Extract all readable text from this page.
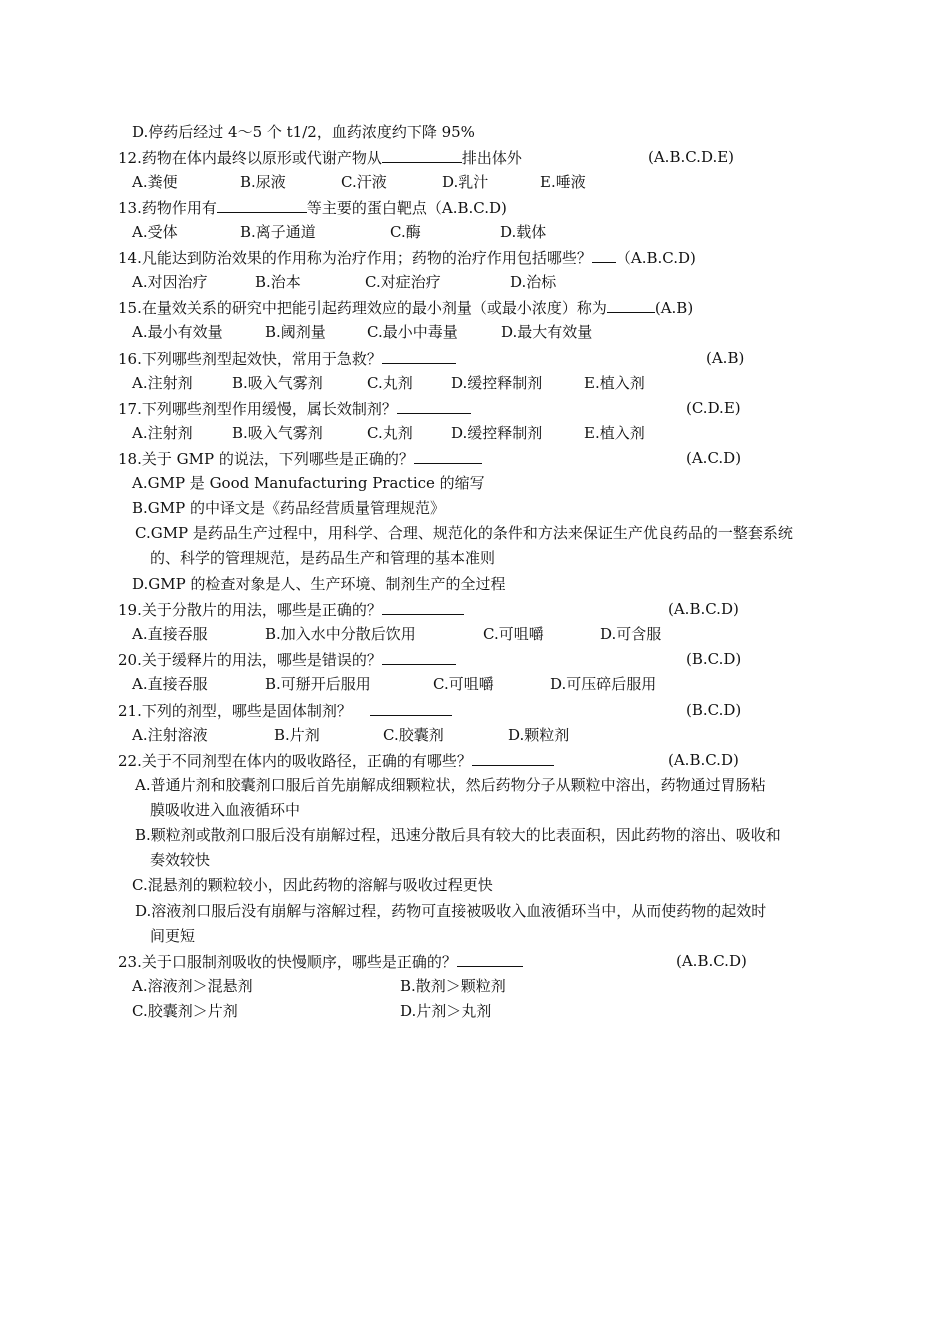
D.停药后经过 4～5 个 t1/2，血药浓度约下降 95%
12.药物在体内最终以原形或代谢产物从	排出体外	(A.B.C.D.E)
A.粪便	B.尿液	C.汗液	D.乳汁	E.唾液
13.药物作用有	等主要的蛋白靶点（A.B.C.D)
A.受体	B.离子通道	C.酶	D.载体
14.凡能达到防治效果的作用称为治疗作用；药物的治疗作用包括哪些？ （A.B.C.D)
A.对因治疗	B.治本	C.对症治疗	D.治标
15.在量效关系的研究中把能引起药理效应的最小剂量（或最小浓度）称为	(A.B)
A.最小有效量	B.阈剂量	C.最小中毒量	D.最大有效量
16.下列哪些剂型起效快，常用于急救？	(A.B)
A.注射剂	B.吸入气雾剂	C.丸剂	D.缓控释制剂	E.植入剂
17.下列哪些剂型作用缓慢，属长效制剂？	(C.D.E)
A.注射剂	B.吸入气雾剂	C.丸剂	D.缓控释制剂	E.植入剂
18.关于 GMP 的说法，下列哪些是正确的？	(A.C.D)
A.GMP 是 Good Manufacturing Practice 的缩写
B.GMP 的中译文是《药品经营质量管理规范》
C.GMP 是药品生产过程中，用科学、合理、规范化的条件和方法来保证生产优良药品的一整套系统
的、科学的管理规范，是药品生产和管理的基本准则
D.GMP 的检查对象是人、生产环境、制剂生产的全过程
19.关于分散片的用法，哪些是正确的？	(A.B.C.D)
A.直接吞服	B.加入水中分散后饮用	C.可咀嚼	D.可含服
20.关于缓释片的用法，哪些是错误的？	(B.C.D)
A.直接吞服	B.可掰开后服用	C.可咀嚼	D.可压碎后服用
21.下列的剂型，哪些是固体制剂？	(B.C.D)
A.注射溶液	B.片剂	C.胶囊剂	D.颗粒剂
22.关于不同剂型在体内的吸收路径，正确的有哪些？	(A.B.C.D)
A.普通片剂和胶囊剂口服后首先崩解成细颗粒状，然后药物分子从颗粒中溶出，药物通过胃肠粘
膜吸收进入血液循环中
B.颗粒剂或散剂口服后没有崩解过程，迅速分散后具有较大的比表面积，因此药物的溶出、吸收和
奏效较快
C.混悬剂的颗粒较小，因此药物的溶解与吸收过程更快
D.溶液剂口服后没有崩解与溶解过程，药物可直接被吸收入血液循环当中，从而使药物的起效时
间更短
23.关于口服制剂吸收的快慢顺序，哪些是正确的？	(A.B.C.D)
A.溶液剂＞混悬剂	B.散剂＞颗粒剂
C.胶囊剂＞片剂	D.片剂＞丸剂
